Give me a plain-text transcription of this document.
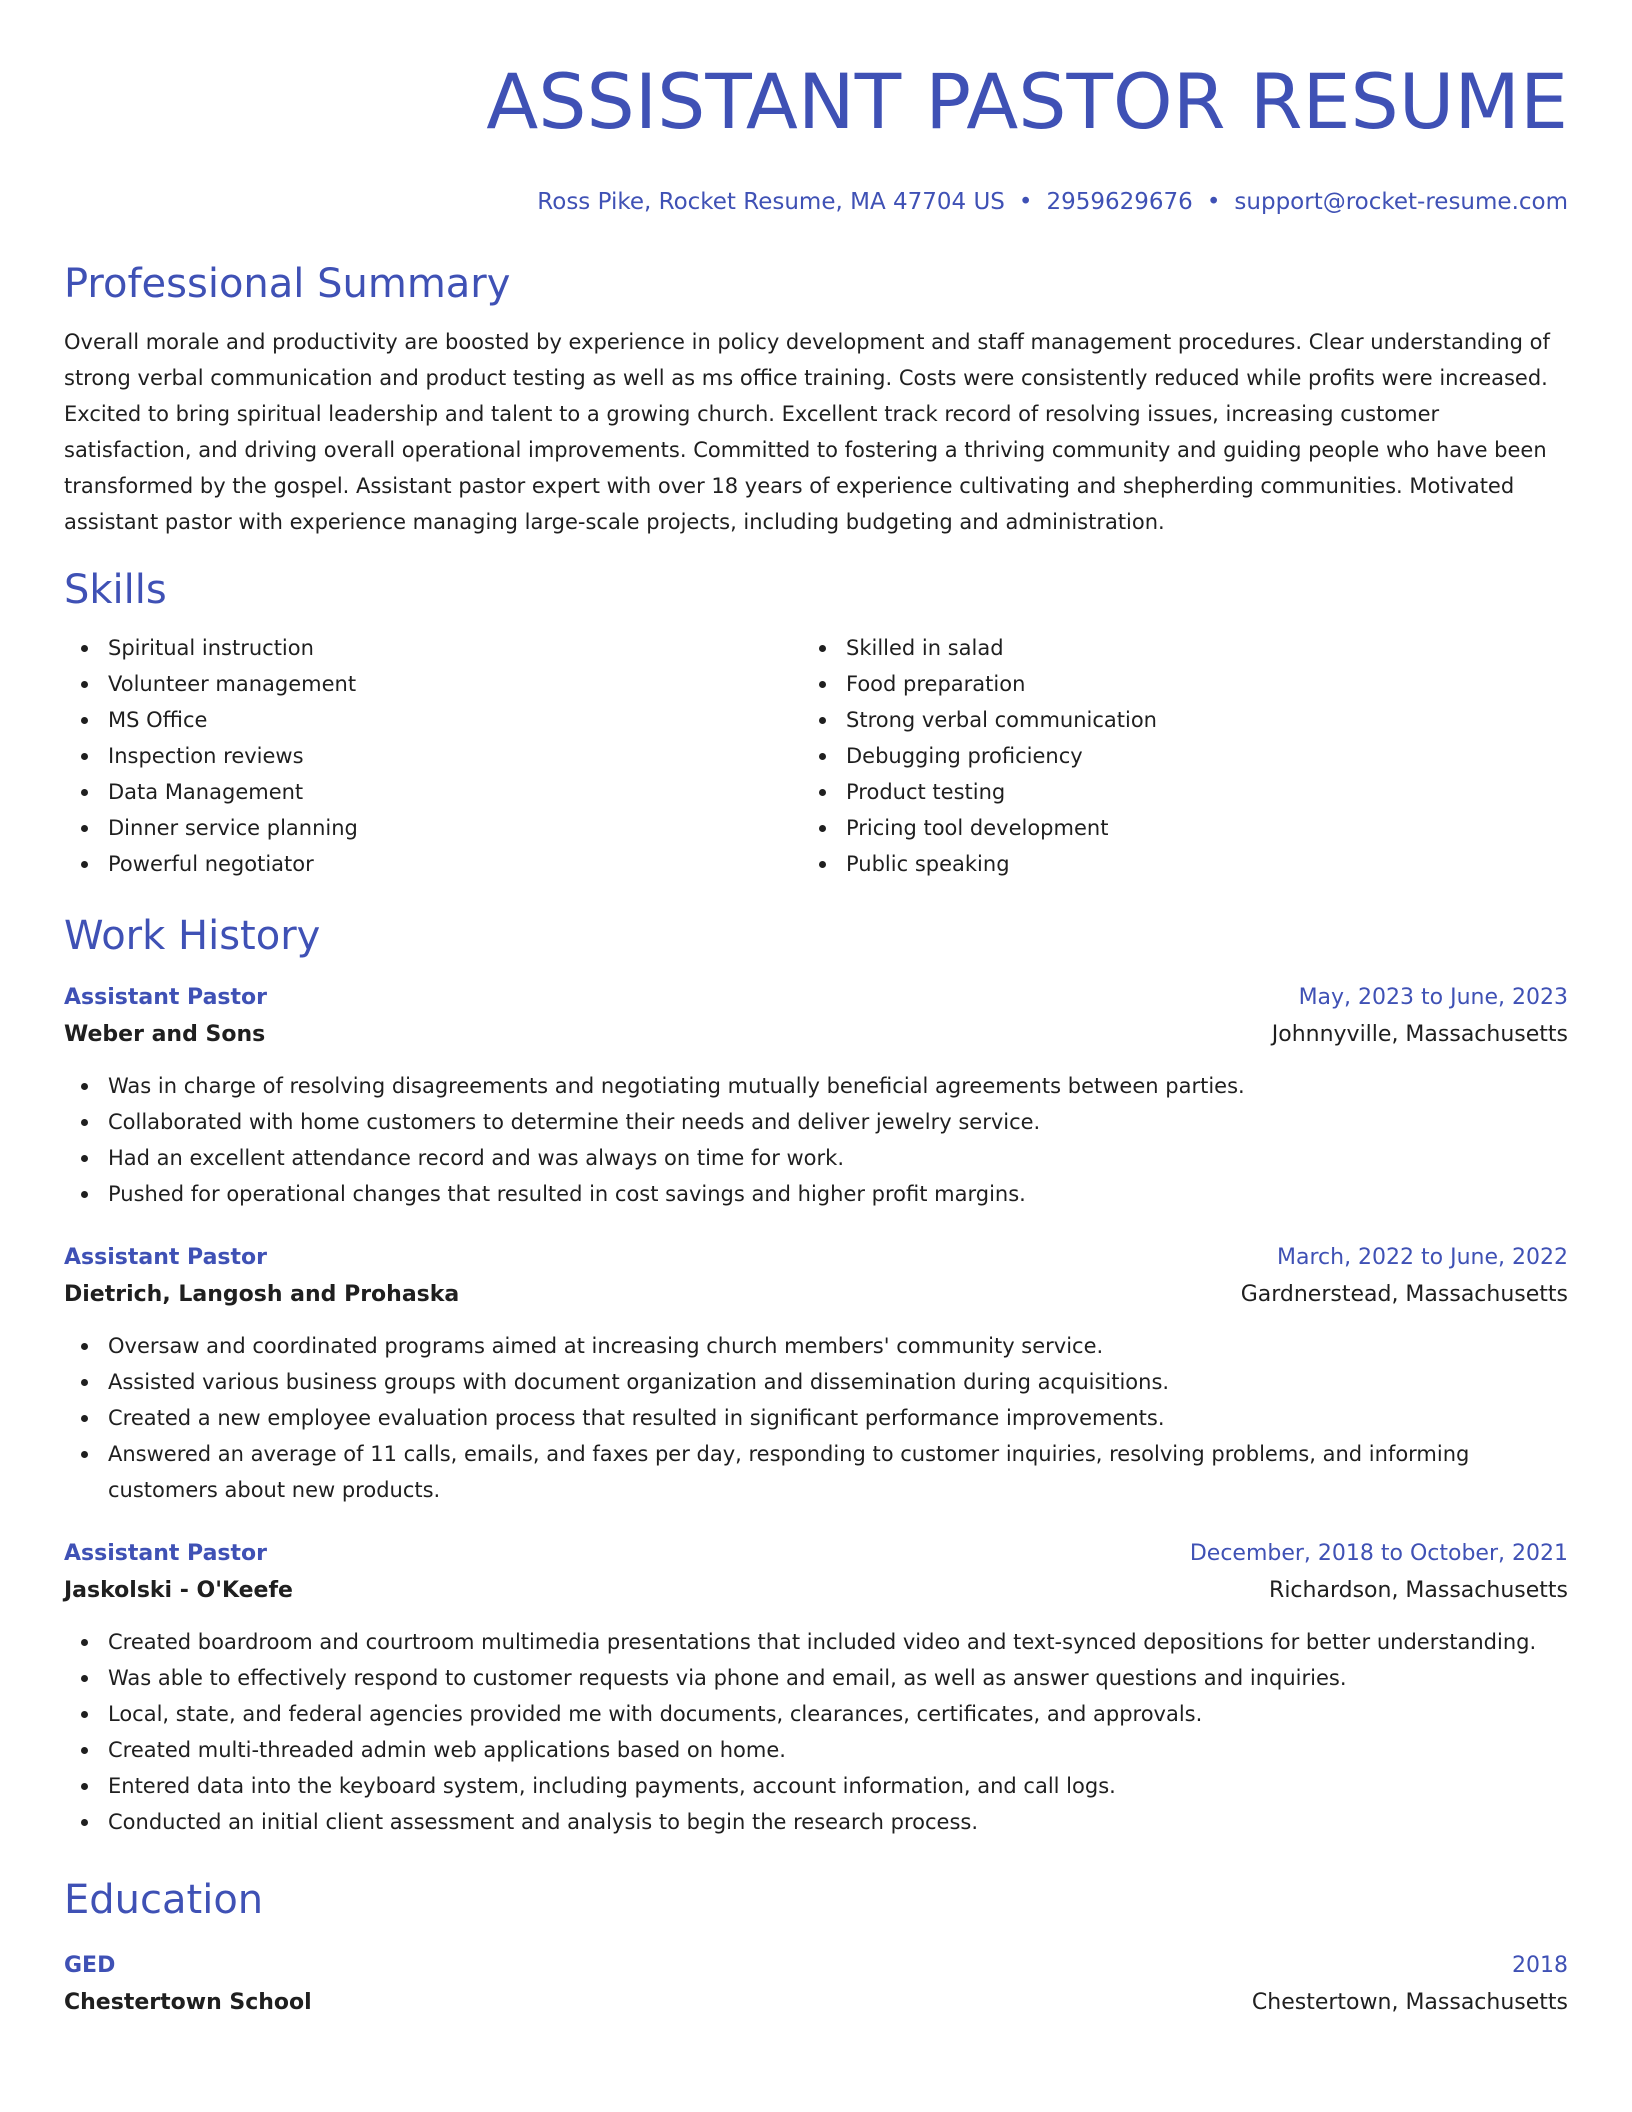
ASSISTANT PASTOR RESUME
Ross Pike, Rocket Resume, MA 47704 US • 2959629676 • support@rocket-resume.com
Professional Summary

Overall morale and productivity are boosted by experience in policy development and staff management procedures. Clear understanding of strong verbal communication and product testing as well as ms office training. Costs were consistently reduced while profits were increased. Excited to bring spiritual leadership and talent to a growing church. Excellent track record of resolving issues, increasing customer satisfaction, and driving overall operational improvements. Committed to fostering a thriving community and guiding people who have been transformed by the gospel. Assistant pastor expert with over 18 years of experience cultivating and shepherding communities. Motivated assistant pastor with experience managing large-scale projects, including budgeting and administration.

Skills
Spiritual instruction
Volunteer management
MS Office
Inspection reviews
Data Management
Dinner service planning
Powerful negotiator
Skilled in salad
Food preparation
Strong verbal communication
Debugging proficiency
Product testing
Pricing tool development
Public speaking
Work History
Assistant Pastor	May, 2023 to June, 2023
Weber and Sons	Johnnyville, Massachusetts
Was in charge of resolving disagreements and negotiating mutually beneficial agreements between parties.
Collaborated with home customers to determine their needs and deliver jewelry service.
Had an excellent attendance record and was always on time for work.
Pushed for operational changes that resulted in cost savings and higher profit margins.
Assistant Pastor	March, 2022 to June, 2022
Dietrich, Langosh and Prohaska	Gardnerstead, Massachusetts
Oversaw and coordinated programs aimed at increasing church members' community service.
Assisted various business groups with document organization and dissemination during acquisitions.
Created a new employee evaluation process that resulted in significant performance improvements.
Answered an average of 11 calls, emails, and faxes per day, responding to customer inquiries, resolving problems, and informing customers about new products.
Assistant Pastor	December, 2018 to October, 2021
Jaskolski - O'Keefe	Richardson, Massachusetts
Created boardroom and courtroom multimedia presentations that included video and text-synced depositions for better understanding.
Was able to effectively respond to customer requests via phone and email, as well as answer questions and inquiries.
Local, state, and federal agencies provided me with documents, clearances, certificates, and approvals.
Created multi-threaded admin web applications based on home.
Entered data into the keyboard system, including payments, account information, and call logs.
Conducted an initial client assessment and analysis to begin the research process.
Education
GED	2018
Chestertown School	Chestertown, Massachusetts
